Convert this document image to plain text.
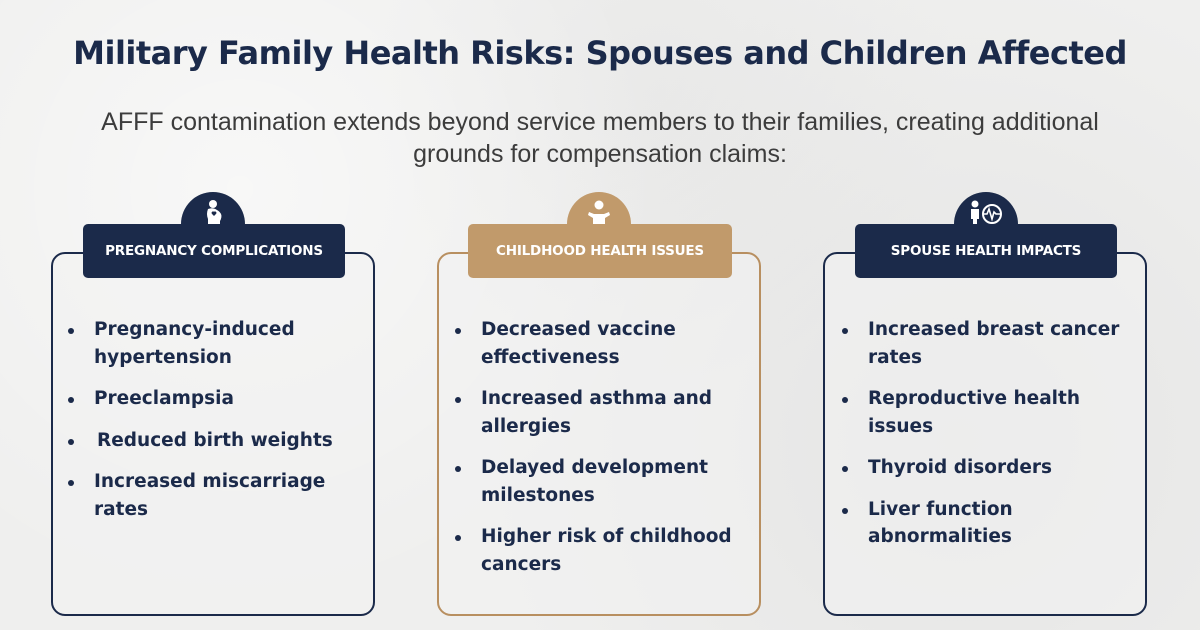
Military Family Health Risks: Spouses and Children Affected
AFFF contamination extends beyond service members to their families, creating additional grounds for compensation claims:
PREGNANCY COMPLICATIONS
Pregnancy-induced hypertension
Preeclampsia
Reduced birth weights
Increased miscarriage rates
CHILDHOOD HEALTH ISSUES
Decreased vaccine effectiveness
Increased asthma and allergies
Delayed development milestones
Higher risk of childhood cancers
SPOUSE HEALTH IMPACTS
Increased breast cancer rates
Reproductive health issues
Thyroid disorders
Liver function abnormalities
